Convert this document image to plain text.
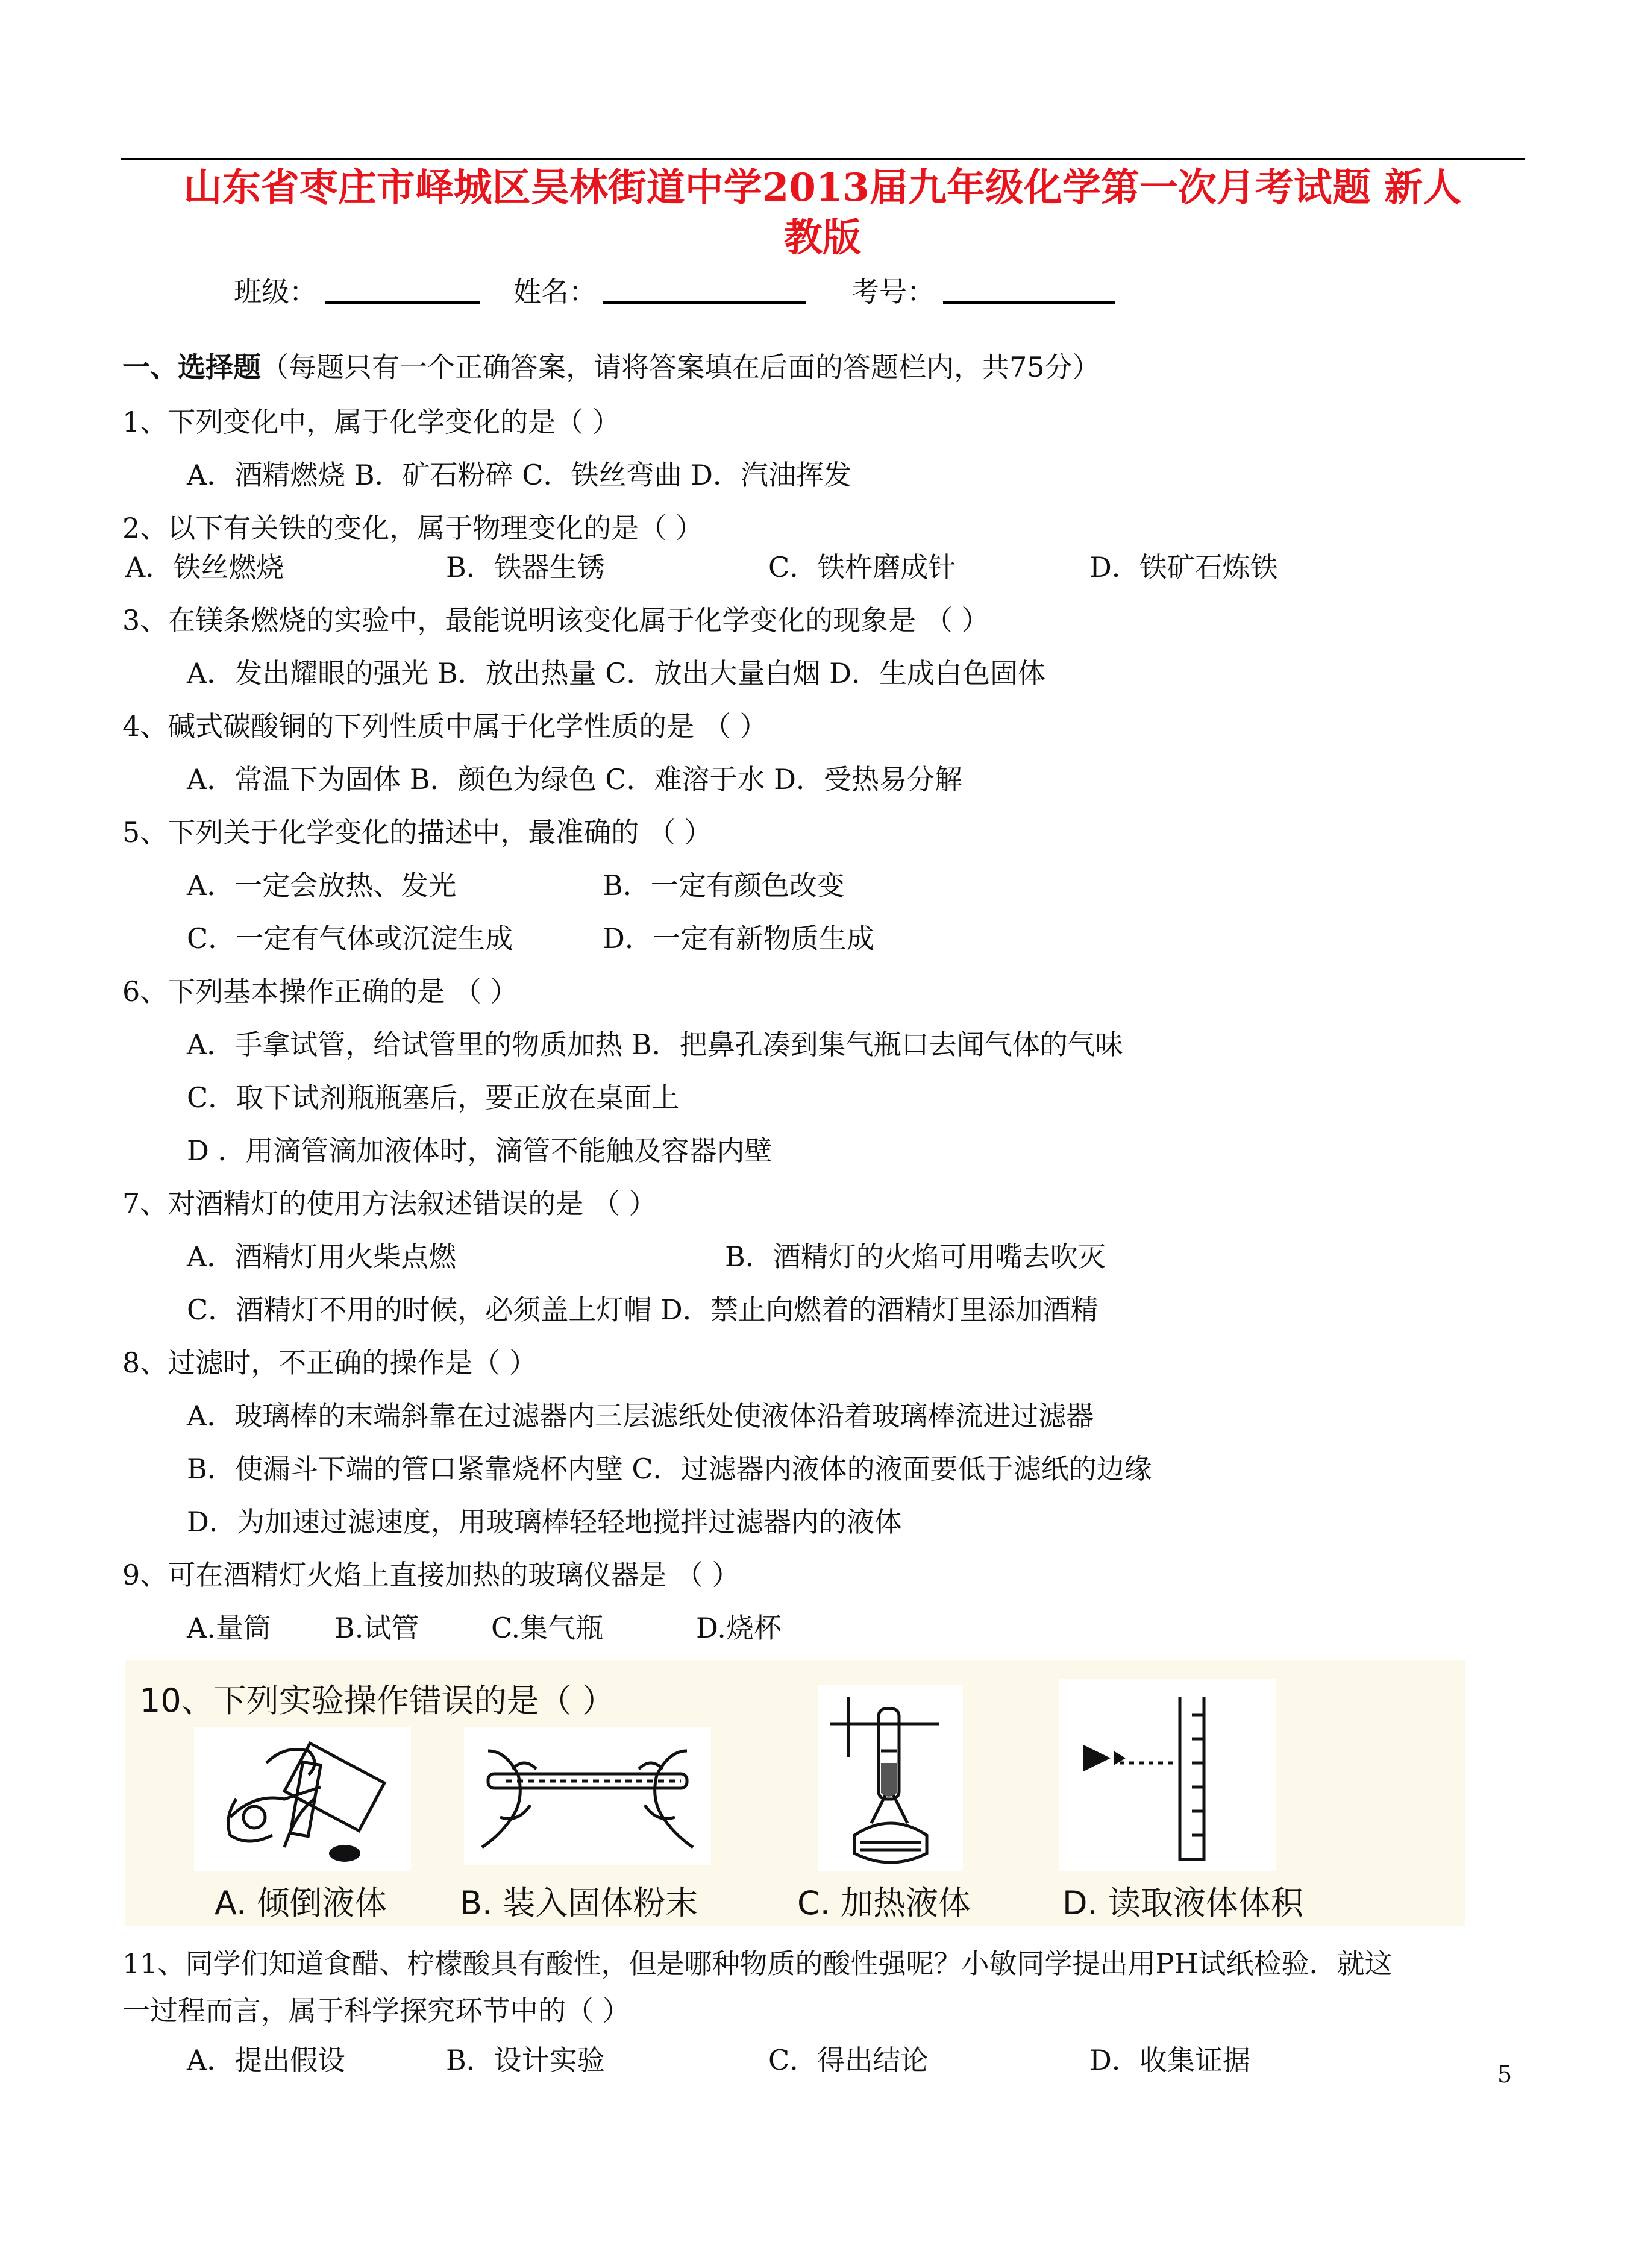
山东省枣庄市峄城区吴林街道中学2013届九年级化学第一次月考试题 新人
教版
班级：	姓名：	考号：
一、选择题（每题只有一个正确答案，请将答案填在后面的答题栏内，共75分）
1、下列变化中，属于化学变化的是（ ）
A．酒精燃烧 B．矿石粉碎 C．铁丝弯曲 D．汽油挥发
2、以下有关铁的变化，属于物理变化的是（ ）
A．铁丝燃烧	B．铁器生锈	C．铁杵磨成针	D．铁矿石炼铁
3、在镁条燃烧的实验中，最能说明该变化属于化学变化的现象是 （ ）
A．发出耀眼的强光 B．放出热量 C．放出大量白烟 D．生成白色固体
4、碱式碳酸铜的下列性质中属于化学性质的是 （ ）
A．常温下为固体 B．颜色为绿色 C．难溶于水 D．受热易分解
5、下列关于化学变化的描述中，最准确的 （ ）
A．一定会放热、发光	B．一定有颜色改变
C．一定有气体或沉淀生成	D．一定有新物质生成
6、下列基本操作正确的是 （ ）
A．手拿试管，给试管里的物质加热 B．把鼻孔凑到集气瓶口去闻气体的气味
C．取下试剂瓶瓶塞后，要正放在桌面上
D ．用滴管滴加液体时，滴管不能触及容器内壁
7、对酒精灯的使用方法叙述错误的是 （ ）
A．酒精灯用火柴点燃	B．酒精灯的火焰可用嘴去吹灭
C．酒精灯不用的时候，必须盖上灯帽 D．禁止向燃着的酒精灯里添加酒精
8、过滤时，不正确的操作是（ ）
A．玻璃棒的末端斜靠在过滤器内三层滤纸处使液体沿着玻璃棒流进过滤器
B．使漏斗下端的管口紧靠烧杯内壁 C．过滤器内液体的液面要低于滤纸的边缘
D．为加速过滤速度，用玻璃棒轻轻地搅拌过滤器内的液体
9、可在酒精灯火焰上直接加热的玻璃仪器是 （ ）
A.量筒 B.试管	C.集气瓶	D.烧杯
10、下列实验操作错误的是（ ）
A. 倾倒液体 B. 装入固体粉末	C. 加热液体	D. 读取液体体积
11、同学们知道食醋、柠檬酸具有酸性，但是哪种物质的酸性强呢？小敏同学提出用PH试纸检验．就这
一过程而言，属于科学探究环节中的（ ）
A．提出假设	B．设计实验	C．得出结论	D．收集证据	5
